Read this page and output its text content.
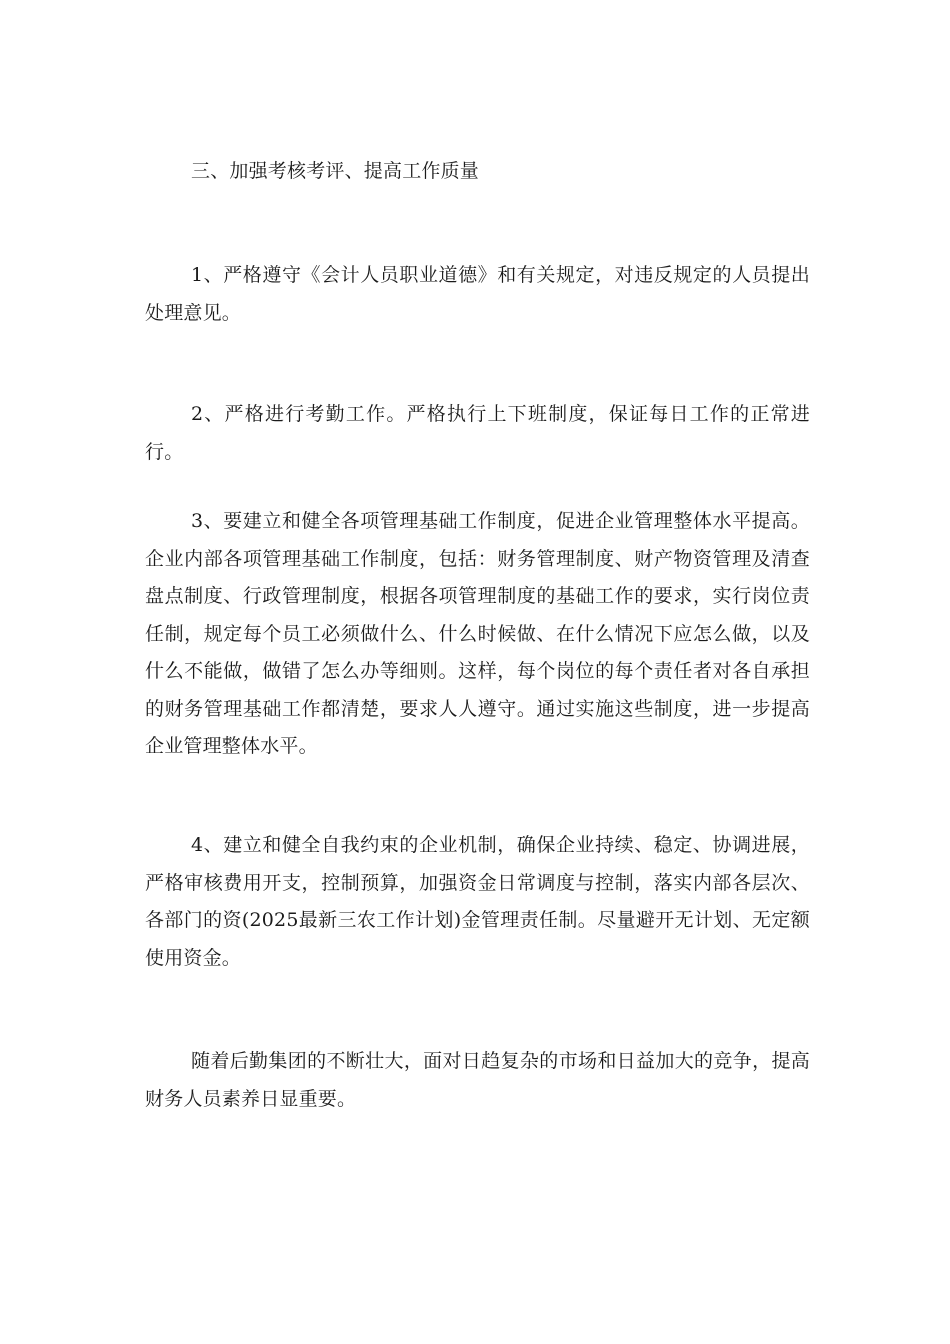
三、加强考核考评、提高工作质量

1、严格遵守《会计人员职业道德》和有关规定，对违反规定的人员提出处理意见。

2、严格进行考勤工作。严格执行上下班制度，保证每日工作的正常进行。

3、要建立和健全各项管理基础工作制度，促进企业管理整体水平提高。企业内部各项管理基础工作制度，包括：财务管理制度、财产物资管理及清查盘点制度、行政管理制度，根据各项管理制度的基础工作的要求，实行岗位责任制，规定每个员工必须做什么、什么时候做、在什么情况下应怎么做，以及什么不能做，做错了怎么办等细则。这样，每个岗位的每个责任者对各自承担的财务管理基础工作都清楚，要求人人遵守。通过实施这些制度，进一步提高企业管理整体水平。

4、建立和健全自我约束的企业机制，确保企业持续、稳定、协调进展，严格审核费用开支，控制预算，加强资金日常调度与控制，落实内部各层次、各部门的资(2025最新三农工作计划)金管理责任制。尽量避开无计划、无定额使用资金。

随着后勤集团的不断壮大，面对日趋复杂的市场和日益加大的竞争，提高财务人员素养日显重要。
